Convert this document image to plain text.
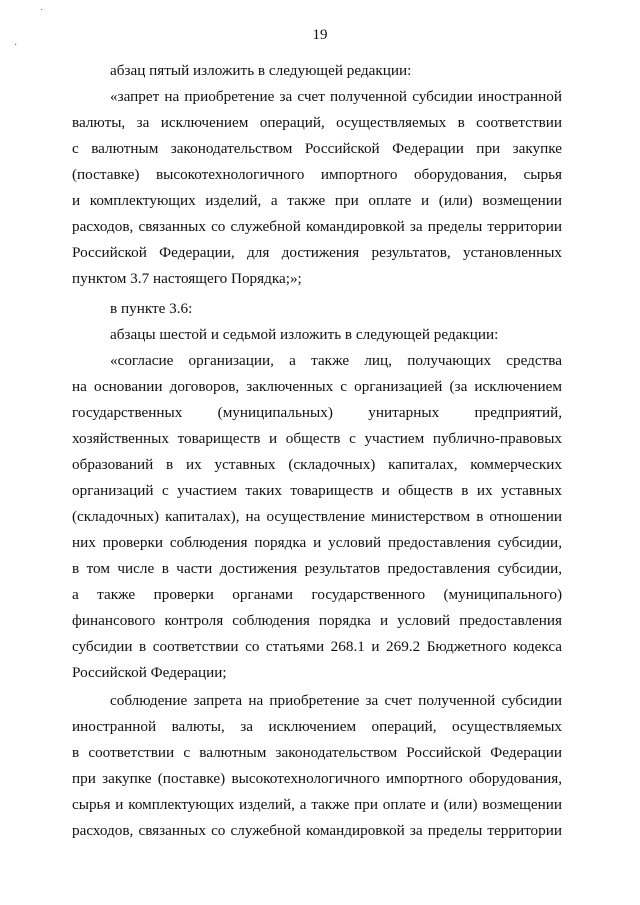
˙
·
19
абзац пятый изложить в следующей редакции:
«запрет на приобретение за счет полученной субсидии иностранной
валюты, за исключением операций, осуществляемых в соответствии
с валютным законодательством Российской Федерации при закупке
(поставке) высокотехнологичного импортного оборудования, сырья
и комплектующих изделий, а также при оплате и (или) возмещении
расходов, связанных со служебной командировкой за пределы территории
Российской Федерации, для достижения результатов, установленных
пунктом 3.7 настоящего Порядка;»;
в пункте 3.6:
абзацы шестой и седьмой изложить в следующей редакции:
«согласие организации, а также лиц, получающих средства
на основании договоров, заключенных с организацией (за исключением
государственных (муниципальных) унитарных предприятий,
хозяйственных товариществ и обществ с участием публично-правовых
образований в их уставных (складочных) капиталах, коммерческих
организаций с участием таких товариществ и обществ в их уставных
(складочных) капиталах), на осуществление министерством в отношении
них проверки соблюдения порядка и условий предоставления субсидии,
в том числе в части достижения результатов предоставления субсидии,
а также проверки органами государственного (муниципального)
финансового контроля соблюдения порядка и условий предоставления
субсидии в соответствии со статьями 268.1 и 269.2 Бюджетного кодекса
Российской Федерации;
соблюдение запрета на приобретение за счет полученной субсидии
иностранной валюты, за исключением операций, осуществляемых
в соответствии с валютным законодательством Российской Федерации
при закупке (поставке) высокотехнологичного импортного оборудования,
сырья и комплектующих изделий, а также при оплате и (или) возмещении
расходов, связанных со служебной командировкой за пределы территории
